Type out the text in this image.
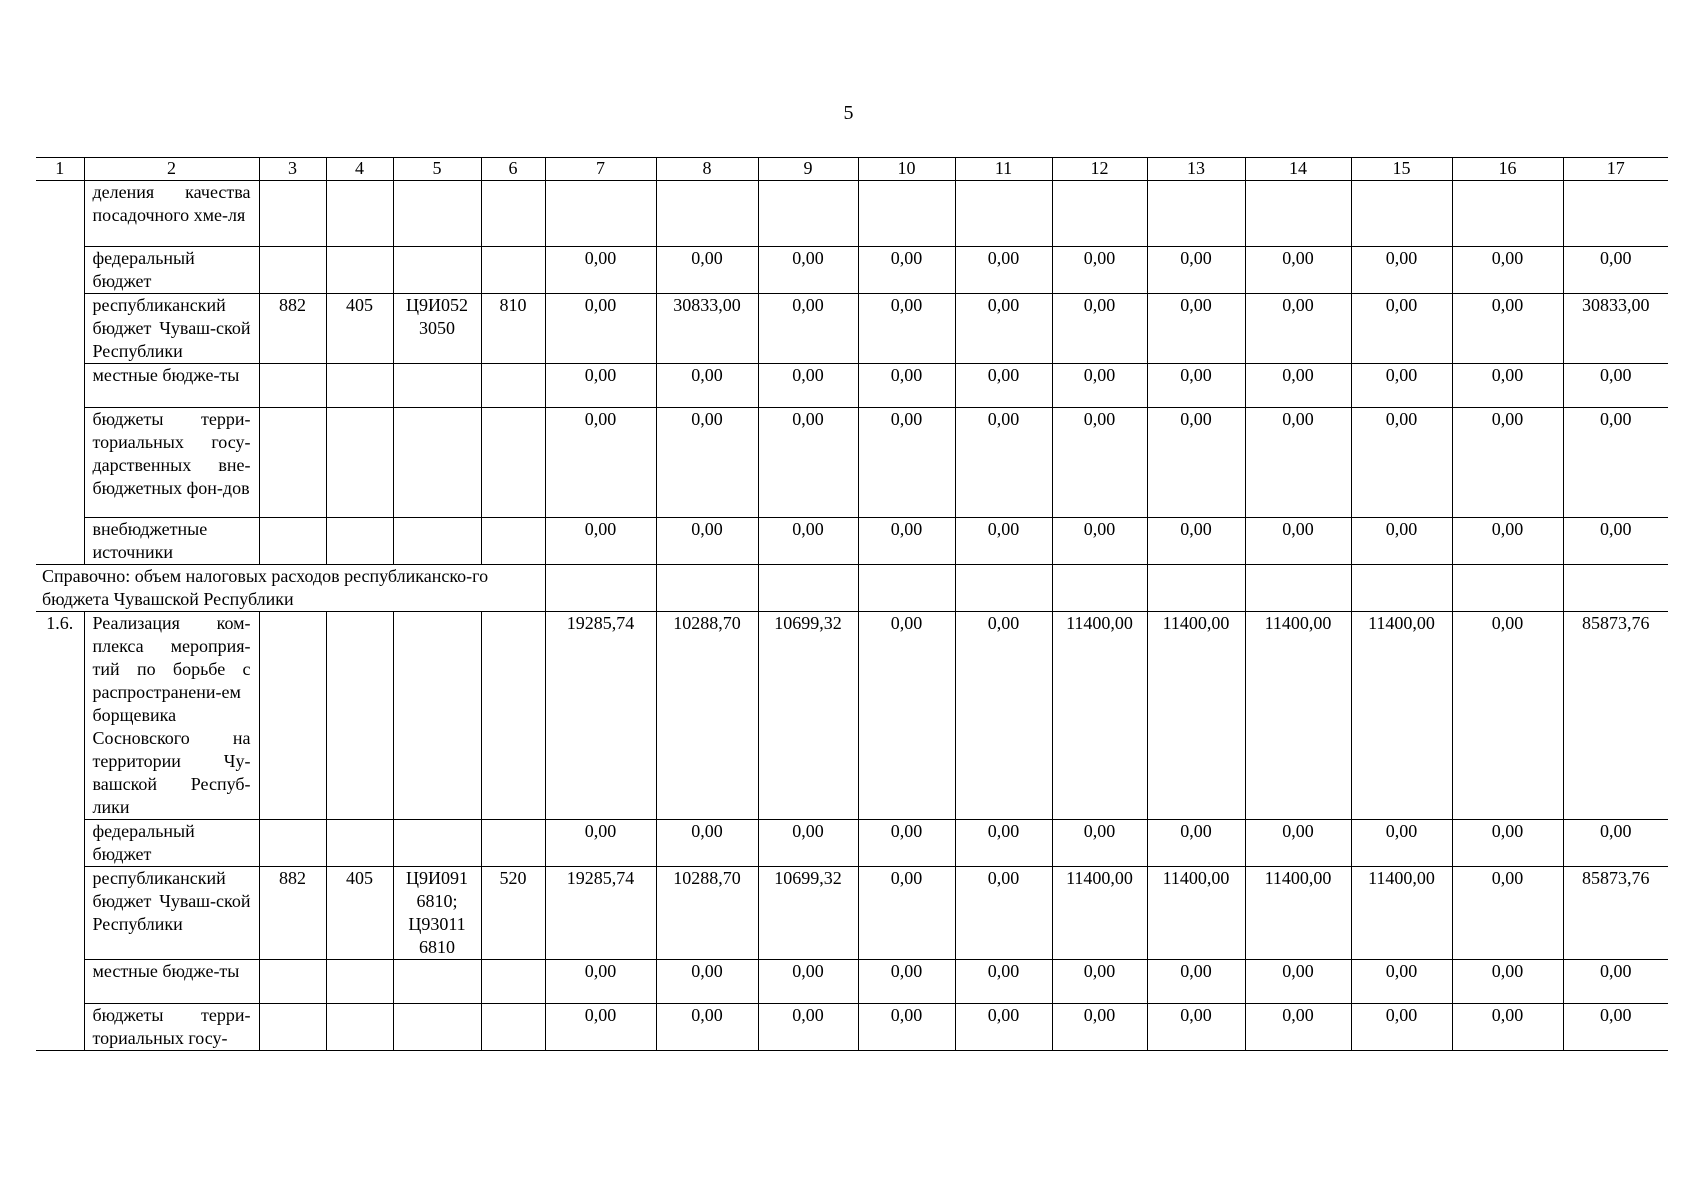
5
1	2	3	4	5	6	7	8	9	10	11	12	13	14	15	16	17
	деления качества посадочного хме-ля															
	федеральный бюджет					0,00	0,00	0,00	0,00	0,00	0,00	0,00	0,00	0,00	0,00	0,00
	республиканский бюджет Чуваш-ской Республики	882	405	Ц9И052 3050	810	0,00	30833,00	0,00	0,00	0,00	0,00	0,00	0,00	0,00	0,00	30833,00
	местные бюдже-ты					0,00	0,00	0,00	0,00	0,00	0,00	0,00	0,00	0,00	0,00	0,00
	бюджеты терри-ториальных госу-дарственных вне-бюджетных фон-дов					0,00	0,00	0,00	0,00	0,00	0,00	0,00	0,00	0,00	0,00	0,00
	внебюджетные источники					0,00	0,00	0,00	0,00	0,00	0,00	0,00	0,00	0,00	0,00	0,00
Справочно: объем налоговых расходов республиканско-го бюджета Чувашской Республики																
1.6.	Реализация ком-плекса мероприя-тий по борьбе с распространени-ем борщевика Сосновского на территории Чу-вашской Респуб-лики					19285,74	10288,70	10699,32	0,00	0,00	11400,00	11400,00	11400,00	11400,00	0,00	85873,76
	федеральный бюджет					0,00	0,00	0,00	0,00	0,00	0,00	0,00	0,00	0,00	0,00	0,00
	республиканский бюджет Чуваш-ской Республики	882	405	Ц9И091 6810; Ц93011 6810	520	19285,74	10288,70	10699,32	0,00	0,00	11400,00	11400,00	11400,00	11400,00	0,00	85873,76
	местные бюдже-ты					0,00	0,00	0,00	0,00	0,00	0,00	0,00	0,00	0,00	0,00	0,00
	бюджеты терри-ториальных госу-					0,00	0,00	0,00	0,00	0,00	0,00	0,00	0,00	0,00	0,00	0,00
